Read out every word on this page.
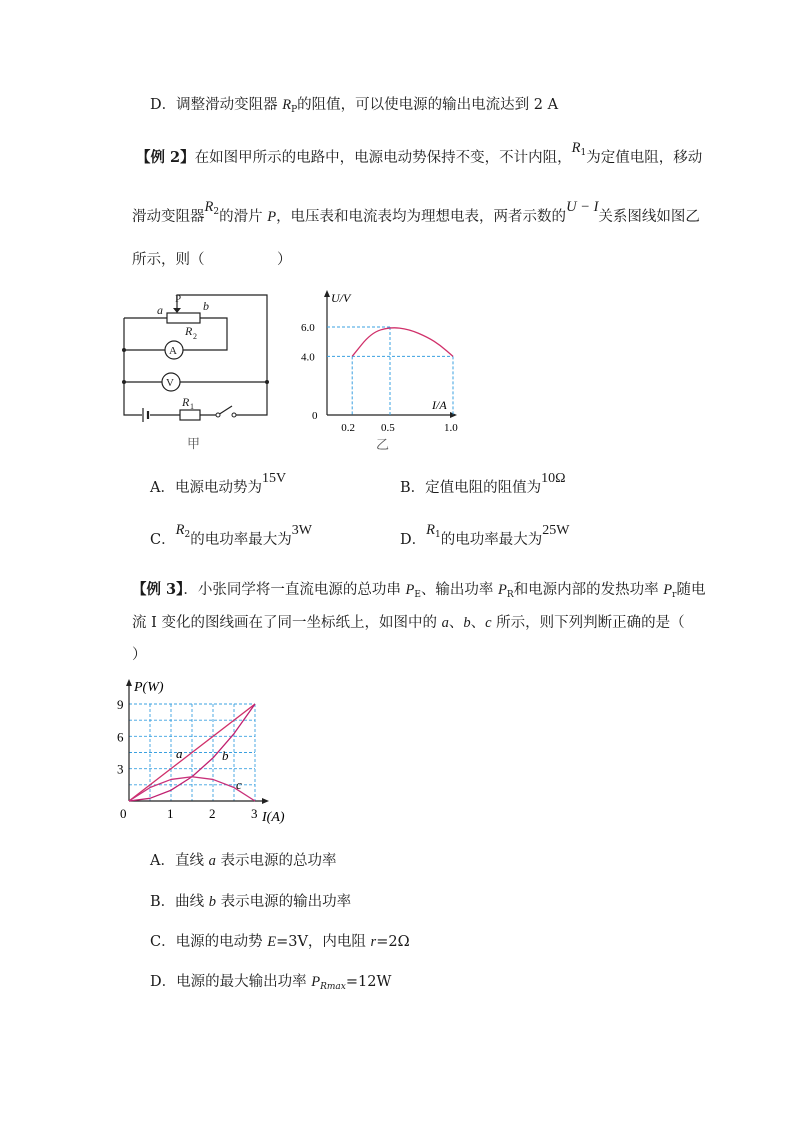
D．调整滑动变阻器 $R_P$的阻值，可以使电源的输出电流达到 2 A
【例 2】在如图甲所示的电路中，电源电动势保持不变，不计内阻，$R_1$为定值电阻，移动
滑动变阻器$R_2$的滑片 P，电压表和电流表均为理想电表，两者示数的U − I关系图线如图乙
所示，则（　　　　　）
P
a	b
R 2
A
V
R 1
甲
U/V
I/A
6.0
4.0
0
0.2 0.5	1.0
乙
A．电源电动势为15V
B．定值电阻的阻值为10Ω
C．$R_2$的电功率最大为3W
D．$R_1$的电功率最大为25W
【例 3】．小张同学将一直流电源的总功串 $P_E$、输出功率 $P_R$和电源内部的发热功率 $P_r$随电
流 I 变化的图线画在了同一坐标纸上，如图中的 a、b、c 所示，则下列判断正确的是（
）
a	b
c
9
6
3
0	1	2	3
P(W)
I(A)
A．直线 a 表示电源的总功率
B．曲线 b 表示电源的输出功率
C．电源的电动势 E=3V，内电阻 r=2Ω
D．电源的最大输出功率 $P_{Rmax}=12W$
